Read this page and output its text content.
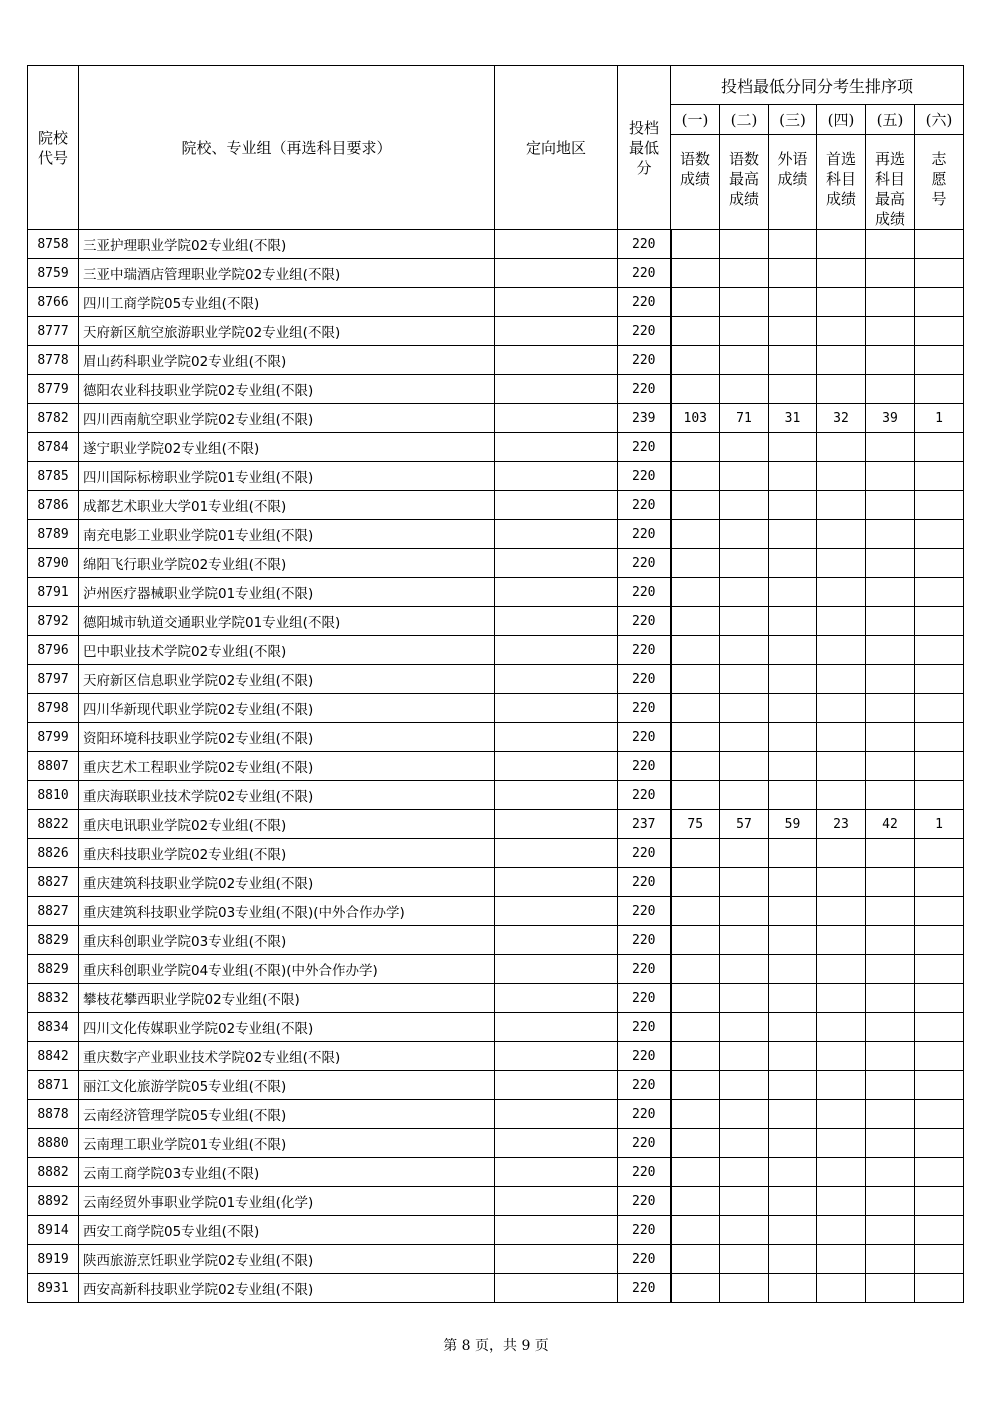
院校
代号	院校、专业组（再选科目要求）	定向地区	投档
最低
分	投档最低分同分考生排序项					
				(一)	(二)	(三)	(四)	(五)	(六)
				语数
成绩	语数
最高
成绩	外语
成绩	首选
科目
成绩	再选
科目
最高
成绩	志
愿
号
8758	三亚护理职业学院02专业组(不限)		220						
8759	三亚中瑞酒店管理职业学院02专业组(不限)		220						
8766	四川工商学院05专业组(不限)		220						
8777	天府新区航空旅游职业学院02专业组(不限)		220						
8778	眉山药科职业学院02专业组(不限)		220						
8779	德阳农业科技职业学院02专业组(不限)		220						
8782	四川西南航空职业学院02专业组(不限)		239	103	71	31	32	39	1
8784	遂宁职业学院02专业组(不限)		220						
8785	四川国际标榜职业学院01专业组(不限)		220						
8786	成都艺术职业大学01专业组(不限)		220						
8789	南充电影工业职业学院01专业组(不限)		220						
8790	绵阳飞行职业学院02专业组(不限)		220						
8791	泸州医疗器械职业学院01专业组(不限)		220						
8792	德阳城市轨道交通职业学院01专业组(不限)		220						
8796	巴中职业技术学院02专业组(不限)		220						
8797	天府新区信息职业学院02专业组(不限)		220						
8798	四川华新现代职业学院02专业组(不限)		220						
8799	资阳环境科技职业学院02专业组(不限)		220						
8807	重庆艺术工程职业学院02专业组(不限)		220						
8810	重庆海联职业技术学院02专业组(不限)		220						
8822	重庆电讯职业学院02专业组(不限)		237	75	57	59	23	42	1
8826	重庆科技职业学院02专业组(不限)		220						
8827	重庆建筑科技职业学院02专业组(不限)		220						
8827	重庆建筑科技职业学院03专业组(不限)(中外合作办学)		220						
8829	重庆科创职业学院03专业组(不限)		220						
8829	重庆科创职业学院04专业组(不限)(中外合作办学)		220						
8832	攀枝花攀西职业学院02专业组(不限)		220						
8834	四川文化传媒职业学院02专业组(不限)		220						
8842	重庆数字产业职业技术学院02专业组(不限)		220						
8871	丽江文化旅游学院05专业组(不限)		220						
8878	云南经济管理学院05专业组(不限)		220						
8880	云南理工职业学院01专业组(不限)		220						
8882	云南工商学院03专业组(不限)		220						
8892	云南经贸外事职业学院01专业组(化学)		220						
8914	西安工商学院05专业组(不限)		220						
8919	陕西旅游烹饪职业学院02专业组(不限)		220						
8931	西安高新科技职业学院02专业组(不限)		220						
第 8 页，共 9 页
